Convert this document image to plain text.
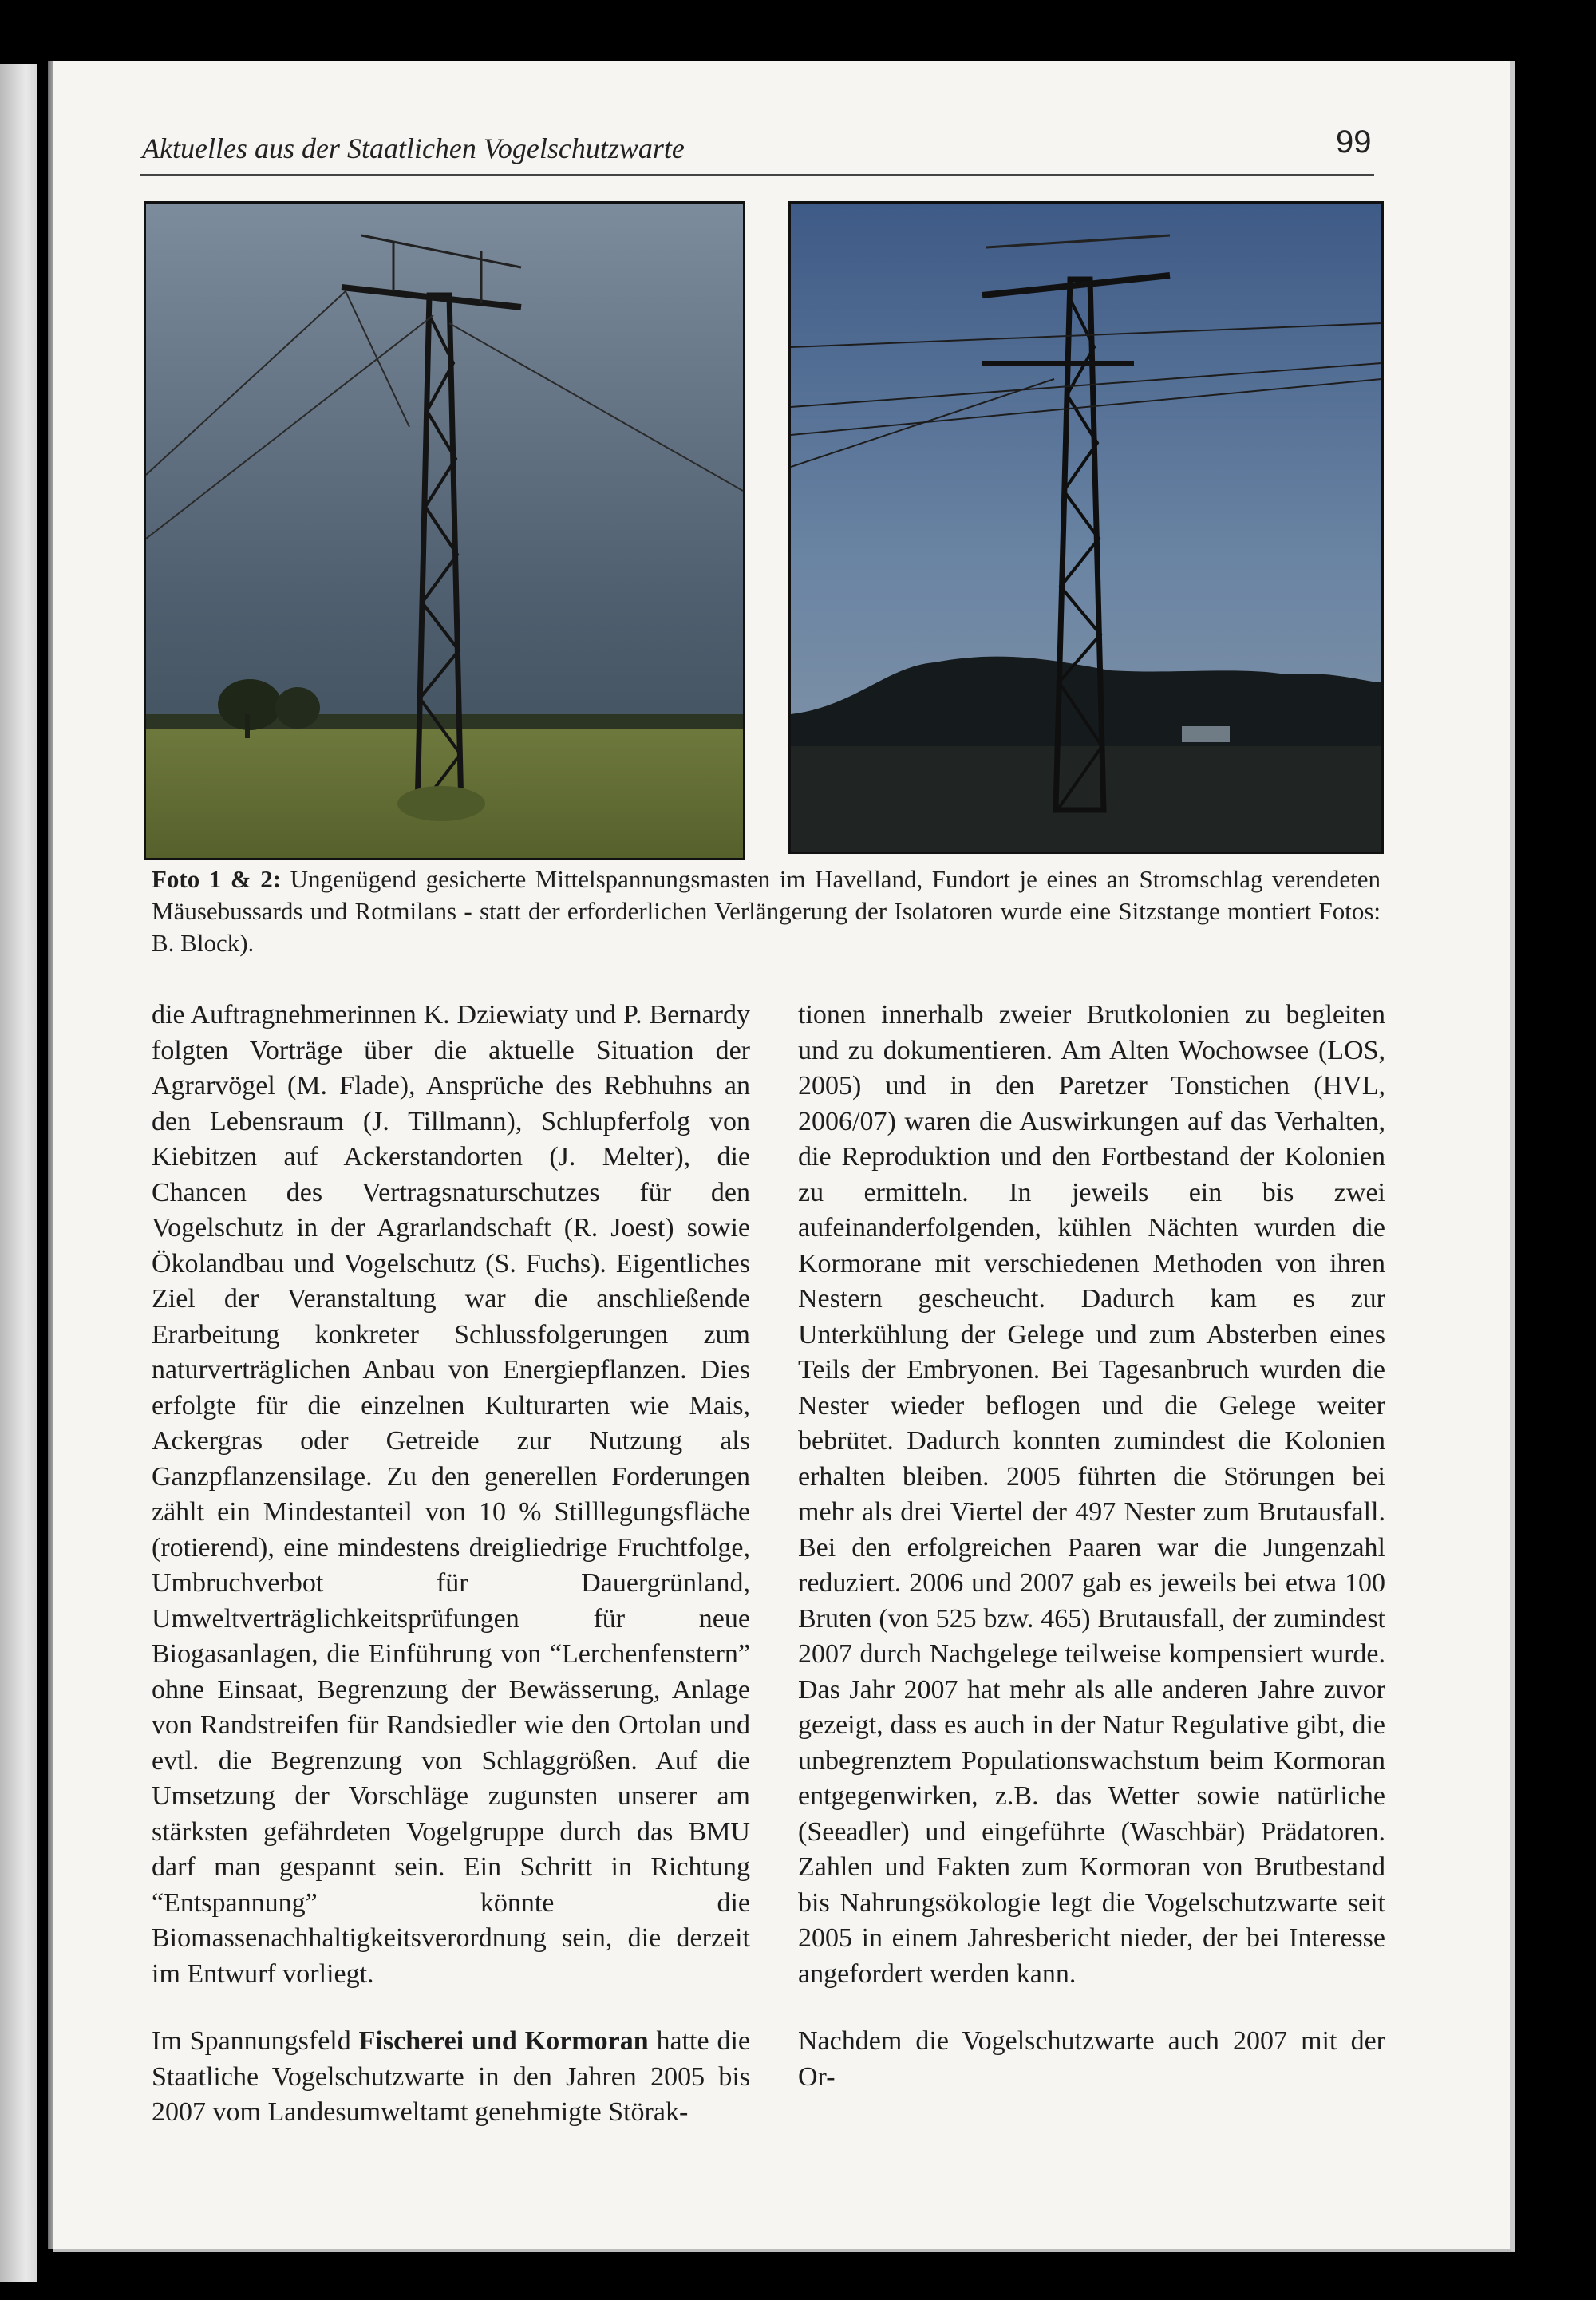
Aktuelles aus der Staatlichen Vogelschutzwarte	99
Foto 1 & 2: Ungenügend gesicherte Mittelspannungsmasten im Havelland, Fundort je eines an Stromschlag verendeten Mäusebussards und Rotmilans - statt der erforderlichen Verlängerung der Isolatoren wurde eine Sitzstange montiert Fotos: B. Block).

die Auftragnehmerinnen K. Dziewiaty und P. Bernardy folgten Vorträge über die aktuelle Situation der Agrarvögel (M. Flade), Ansprüche des Rebhuhns an den Lebensraum (J. Tillmann), Schlupferfolg von Kiebitzen auf Ackerstandorten (J. Melter), die Chancen des Vertragsnaturschutzes für den Vogelschutz in der Agrarlandschaft (R. Joest) sowie Ökolandbau und Vogelschutz (S. Fuchs). Eigentliches Ziel der Veranstaltung war die anschließende Erarbeitung konkreter Schlussfolgerungen zum naturverträglichen Anbau von Energiepflanzen. Dies erfolgte für die einzelnen Kulturarten wie Mais, Ackergras oder Getreide zur Nutzung als Ganzpflanzensilage. Zu den generellen Forderungen zählt ein Mindestanteil von 10 % Stilllegungsfläche (rotierend), eine mindestens dreigliedrige Fruchtfolge, Umbruchverbot für Dauergrünland, Umweltverträglichkeitsprüfungen für neue Biogasanlagen, die Einführung von “Lerchenfenstern” ohne Einsaat, Begrenzung der Bewässerung, Anlage von Randstreifen für Randsiedler wie den Ortolan und evtl. die Begrenzung von Schlaggrößen. Auf die Umsetzung der Vorschläge zugunsten unserer am stärksten gefährdeten Vogelgruppe durch das BMU darf man gespannt sein. Ein Schritt in Richtung “Entspannung” könnte die Biomassenachhaltigkeitsverordnung sein, die derzeit im Entwurf vorliegt.

Im Spannungsfeld Fischerei und Kormoran hatte die Staatliche Vogelschutzwarte in den Jahren 2005 bis 2007 vom Landesumweltamt genehmigte Störak-

tionen innerhalb zweier Brutkolonien zu begleiten und zu dokumentieren. Am Alten Wochowsee (LOS, 2005) und in den Paretzer Tonstichen (HVL, 2006/07) waren die Auswirkungen auf das Verhalten, die Reproduktion und den Fortbestand der Kolonien zu ermitteln. In jeweils ein bis zwei aufeinanderfolgenden, kühlen Nächten wurden die Kormorane mit verschiedenen Methoden von ihren Nestern gescheucht. Dadurch kam es zur Unterkühlung der Gelege und zum Absterben eines Teils der Embryonen. Bei Tagesanbruch wurden die Nester wieder beflogen und die Gelege weiter bebrütet. Dadurch konnten zumindest die Kolonien erhalten bleiben. 2005 führten die Störungen bei mehr als drei Viertel der 497 Nester zum Brutausfall. Bei den erfolgreichen Paaren war die Jungenzahl reduziert. 2006 und 2007 gab es jeweils bei etwa 100 Bruten (von 525 bzw. 465) Brutausfall, der zumindest 2007 durch Nachgelege teilweise kompensiert wurde. Das Jahr 2007 hat mehr als alle anderen Jahre zuvor gezeigt, dass es auch in der Natur Regulative gibt, die unbegrenztem Populationswachstum beim Kormoran entgegenwirken, z.B. das Wetter sowie natürliche (Seeadler) und eingeführte (Waschbär) Prädatoren. Zahlen und Fakten zum Kormoran von Brutbestand bis Nahrungsökologie legt die Vogelschutzwarte seit 2005 in einem Jahresbericht nieder, der bei Interesse angefordert werden kann.

Nachdem die Vogelschutzwarte auch 2007 mit der Or-
